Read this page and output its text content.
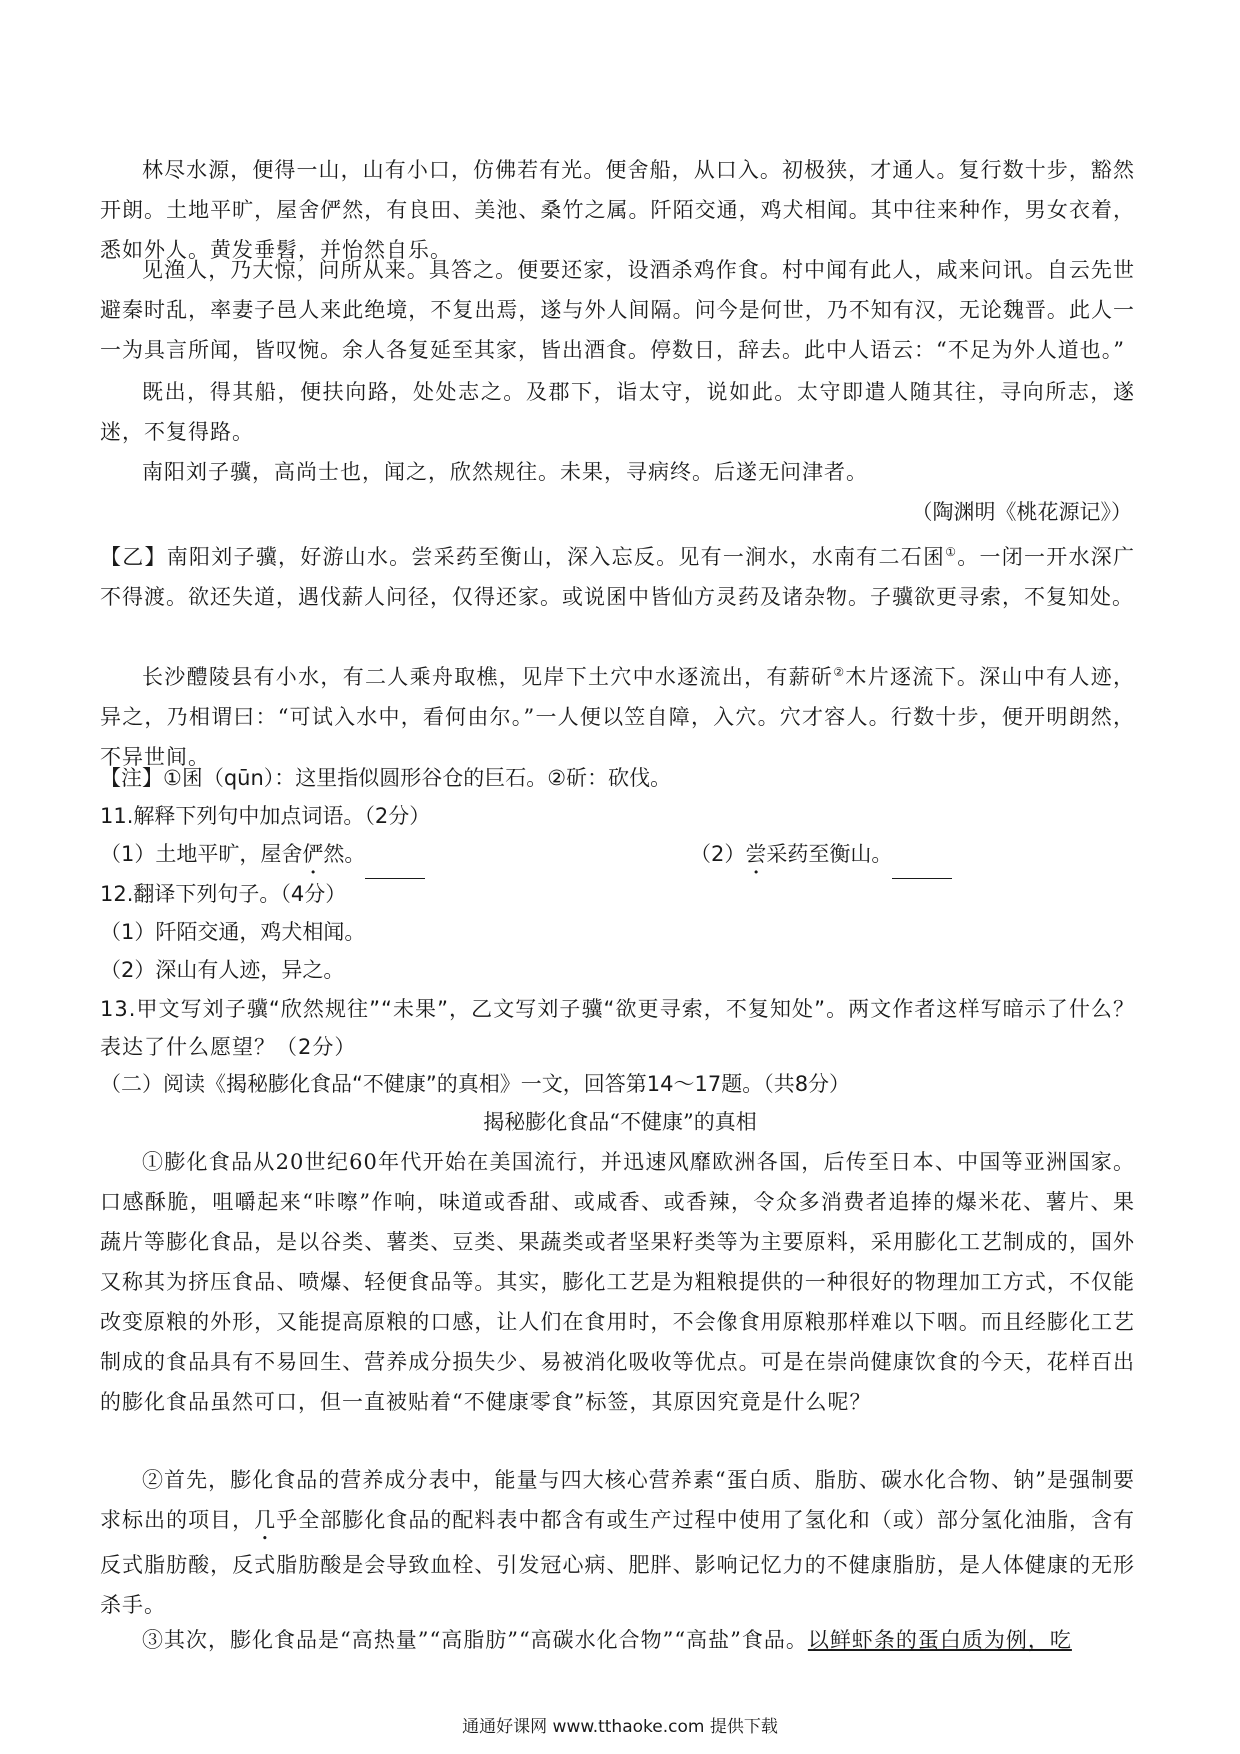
林尽水源，便得一山，山有小口，仿佛若有光。便舍船，从口入。初极狭，才通人。复行数十步，豁然开朗。土地平旷，屋舍俨然，有良田、美池、桑竹之属。阡陌交通，鸡犬相闻。其中往来种作，男女衣着，悉如外人。黄发垂髫，并怡然自乐。

见渔人，乃大惊，问所从来。具答之。便要还家，设酒杀鸡作食。村中闻有此人，咸来问讯。自云先世避秦时乱，率妻子邑人来此绝境，不复出焉，遂与外人间隔。问今是何世，乃不知有汉，无论魏晋。此人一一为具言所闻，皆叹惋。余人各复延至其家，皆出酒食。停数日，辞去。此中人语云：“不足为外人道也。”

既出，得其船，便扶向路，处处志之。及郡下，诣太守，说如此。太守即遣人随其往，寻向所志，遂迷，不复得路。

南阳刘子骥，高尚士也，闻之，欣然规往。未果，寻病终。后遂无问津者。

（陶渊明《桃花源记》）

【乙】南阳刘子骥，好游山水。尝采药至衡山，深入忘反。见有一涧水，水南有二石囷①。一闭一开水深广不得渡。欲还失道，遇伐薪人问径，仅得还家。或说囷中皆仙方灵药及诸杂物。子骥欲更寻索，不复知处。

长沙醴陵县有小水，有二人乘舟取樵，见岸下土穴中水逐流出，有薪斫②木片逐流下。深山中有人迹，异之，乃相谓曰：“可试入水中，看何由尔。”一人便以笠自障，入穴。穴才容人。行数十步，便开明朗然，不异世间。

【注】①囷（qūn）：这里指似圆形谷仓的巨石。②斫：砍伐。

11.解释下列句中加点词语。（2分）

（1）土地平旷，屋舍俨然。	（2）尝采药至衡山。

12.翻译下列句子。（4分）

（1）阡陌交通，鸡犬相闻。

（2）深山有人迹，异之。

13.甲文写刘子骥“欣然规往”“未果”，乙文写刘子骥“欲更寻索，不复知处”。两文作者这样写暗示了什么？表达了什么愿望？（2分）

（二）阅读《揭秘膨化食品“不健康”的真相》一文，回答第14～17题。（共8分）

揭秘膨化食品“不健康”的真相

①膨化食品从20世纪60年代开始在美国流行，并迅速风靡欧洲各国，后传至日本、中国等亚洲国家。口感酥脆，咀嚼起来“咔嚓”作响，味道或香甜、或咸香、或香辣，令众多消费者追捧的爆米花、薯片、果蔬片等膨化食品，是以谷类、薯类、豆类、果蔬类或者坚果籽类等为主要原料，采用膨化工艺制成的，国外又称其为挤压食品、喷爆、轻便食品等。其实，膨化工艺是为粗粮提供的一种很好的物理加工方式，不仅能改变原粮的外形，又能提高原粮的口感，让人们在食用时，不会像食用原粮那样难以下咽。而且经膨化工艺制成的食品具有不易回生、营养成分损失少、易被消化吸收等优点。可是在崇尚健康饮食的今天，花样百出的膨化食品虽然可口，但一直被贴着“不健康零食”标签，其原因究竟是什么呢？

②首先，膨化食品的营养成分表中，能量与四大核心营养素“蛋白质、脂肪、碳水化合物、钠”是强制要求标出的项目，几乎全部膨化食品的配料表中都含有或生产过程中使用了氢化和（或）部分氢化油脂，含有反式脂肪酸，反式脂肪酸是会导致血栓、引发冠心病、肥胖、影响记忆力的不健康脂肪，是人体健康的无形杀手。

③其次，膨化食品是“高热量”“高脂肪”“高碳水化合物”“高盐”食品。以鲜虾条的蛋白质为例，吃

通通好课网 www.tthaoke.com 提供下载
